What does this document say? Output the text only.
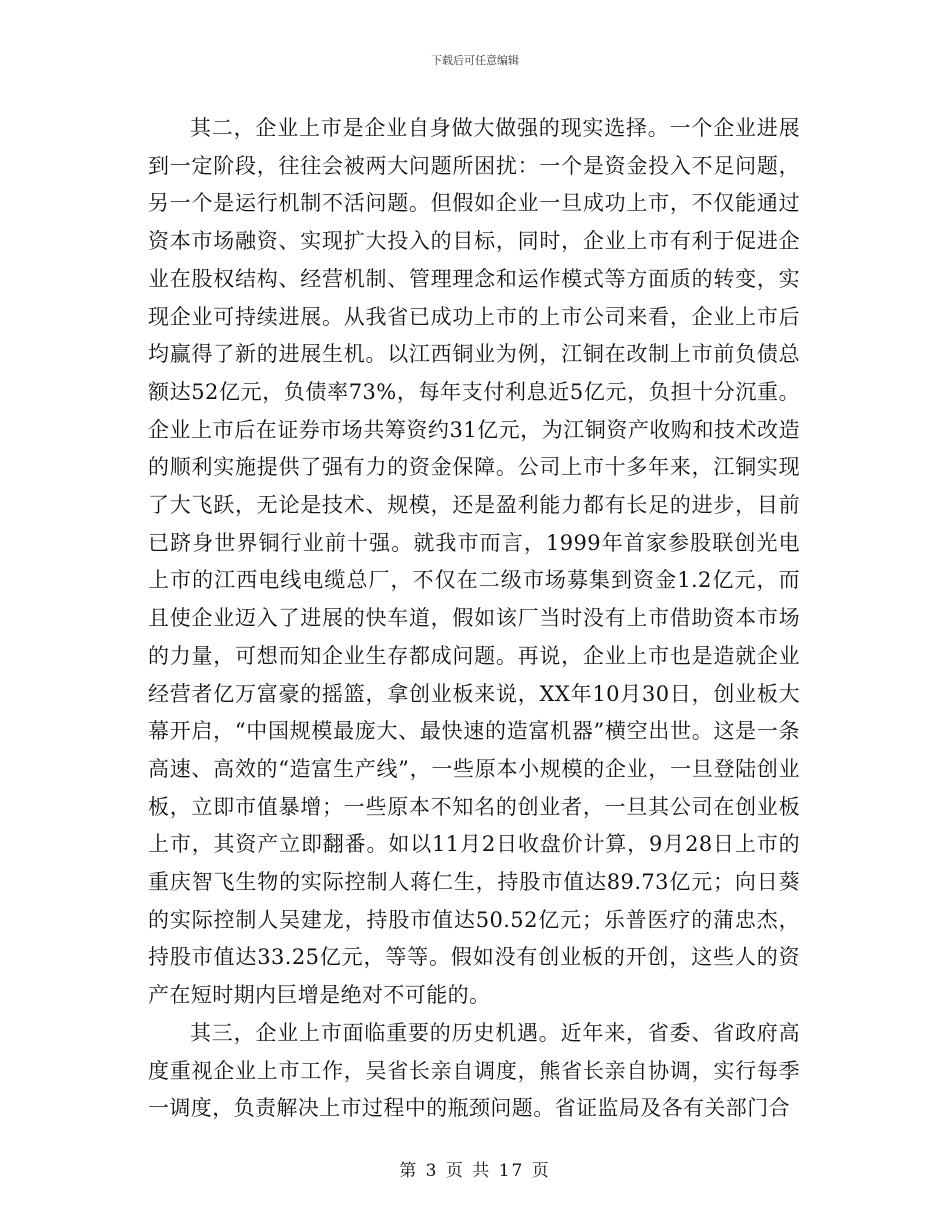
下载后可任意编辑

其二，企业上市是企业自身做大做强的现实选择。一个企业进展到一定阶段，往往会被两大问题所困扰：一个是资金投入不足问题，另一个是运行机制不活问题。但假如企业一旦成功上市，不仅能通过资本市场融资、实现扩大投入的目标，同时，企业上市有利于促进企业在股权结构、经营机制、管理理念和运作模式等方面质的转变，实现企业可持续进展。从我省已成功上市的上市公司来看，企业上市后均赢得了新的进展生机。以江西铜业为例，江铜在改制上市前负债总额达52亿元，负债率73%，每年支付利息近5亿元，负担十分沉重。企业上市后在证券市场共筹资约31亿元，为江铜资产收购和技术改造的顺利实施提供了强有力的资金保障。公司上市十多年来，江铜实现了大飞跃，无论是技术、规模，还是盈利能力都有长足的进步，目前已跻身世界铜行业前十强。就我市而言，1999年首家参股联创光电上市的江西电线电缆总厂，不仅在二级市场募集到资金1.2亿元，而且使企业迈入了进展的快车道，假如该厂当时没有上市借助资本市场的力量，可想而知企业生存都成问题。再说，企业上市也是造就企业经营者亿万富豪的摇篮，拿创业板来说，XX年10月30日，创业板大幕开启，“中国规模最庞大、最快速的造富机器”横空出世。这是一条高速、高效的“造富生产线”，一些原本小规模的企业，一旦登陆创业板，立即市值暴增；一些原本不知名的创业者，一旦其公司在创业板上市，其资产立即翻番。如以11月2日收盘价计算，9月28日上市的重庆智飞生物的实际控制人蒋仁生，持股市值达89.73亿元；向日葵的实际控制人吴建龙，持股市值达50.52亿元；乐普医疗的蒲忠杰，持股市值达33.25亿元，等等。假如没有创业板的开创，这些人的资产在短时期内巨增是绝对不可能的。

其三，企业上市面临重要的历史机遇。近年来，省委、省政府高度重视企业上市工作，吴省长亲自调度，熊省长亲自协调，实行每季一调度，负责解决上市过程中的瓶颈问题。省证监局及各有关部门合

第 3 页 共 17 页
